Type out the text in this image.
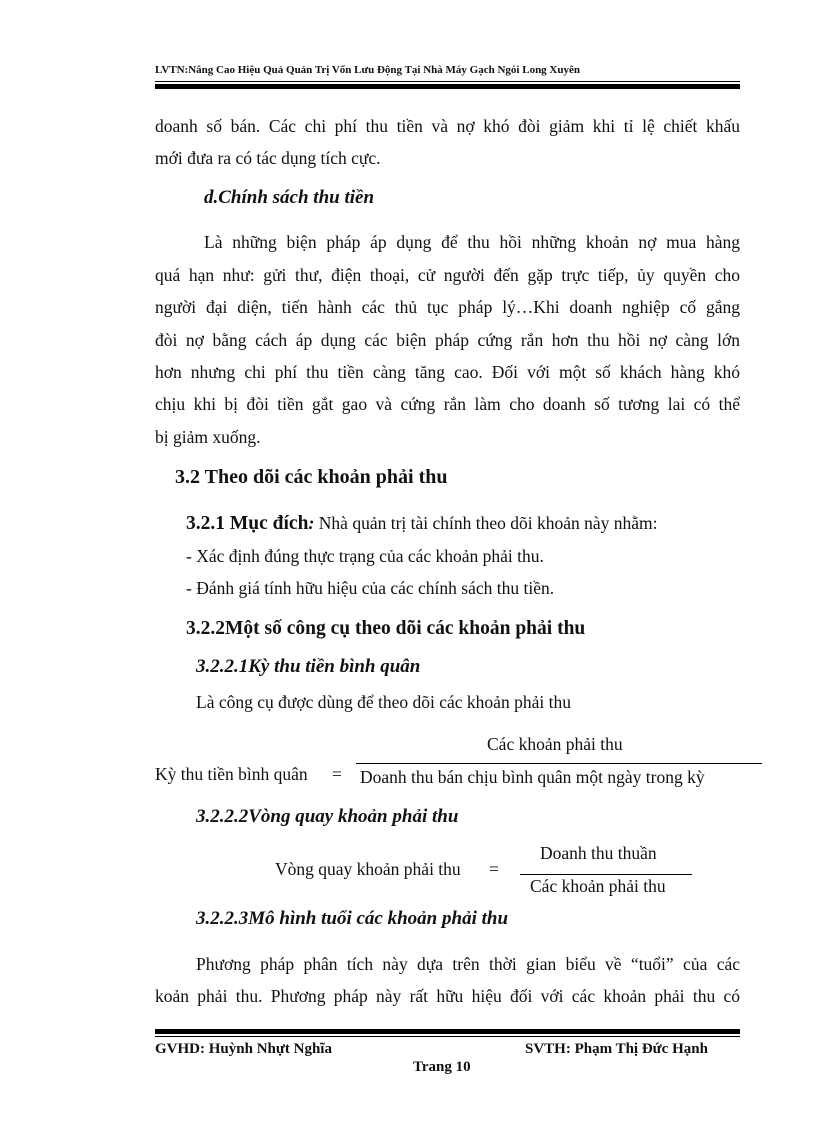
LVTN:Nâng Cao Hiệu Quả Quản Trị Vốn Lưu Động Tại Nhà Máy Gạch Ngói Long Xuyên
doanh số bán. Các chi phí thu tiền và nợ khó đòi giảm khi tỉ lệ chiết khấu
mới đưa ra có tác dụng tích cực.
d.Chính sách thu tiền
Là những biện pháp áp dụng để thu hồi những khoản nợ mua hàng
quá hạn như: gửi thư, điện thoại, cử người đến gặp trực tiếp, ủy quyền cho
người đại diện, tiến hành các thủ tục pháp lý…Khi doanh nghiệp cố gắng
đòi nợ bằng cách áp dụng các biện pháp cứng rắn hơn thu hồi nợ càng lớn
hơn nhưng chi phí thu tiền càng tăng cao. Đối với một số khách hàng khó
chịu khi bị đòi tiền gắt gao và cứng rắn làm cho doanh số tương lai có thể
bị giảm xuống.
3.2 Theo dõi các khoản phải thu
3.2.1 Mục đích: Nhà quản trị tài chính theo dõi khoản này nhằm:
- Xác định đúng thực trạng của các khoản phải thu.
- Đánh giá tính hữu hiệu của các chính sách thu tiền.
3.2.2Một số công cụ theo dõi các khoản phải thu
3.2.2.1Kỳ thu tiền bình quân
Là công cụ được dùng để theo dõi các khoản phải thu
Các khoản phải thu
Kỳ thu tiền bình quân = Doanh thu bán chịu bình quân một ngày trong kỳ
3.2.2.2Vòng quay khoản phải thu
Doanh thu thuần
Vòng quay khoản phải thu =
Các khoản phải thu
3.2.2.3Mô hình tuổi các khoản phải thu
Phương pháp phân tích này dựa trên thời gian biểu về “tuổi” của các
koản phải thu. Phương pháp này rất hữu hiệu đối với các khoản phải thu có
GVHD: Huỳnh Nhựt Nghĩa	SVTH: Phạm Thị Đức Hạnh
Trang 10
